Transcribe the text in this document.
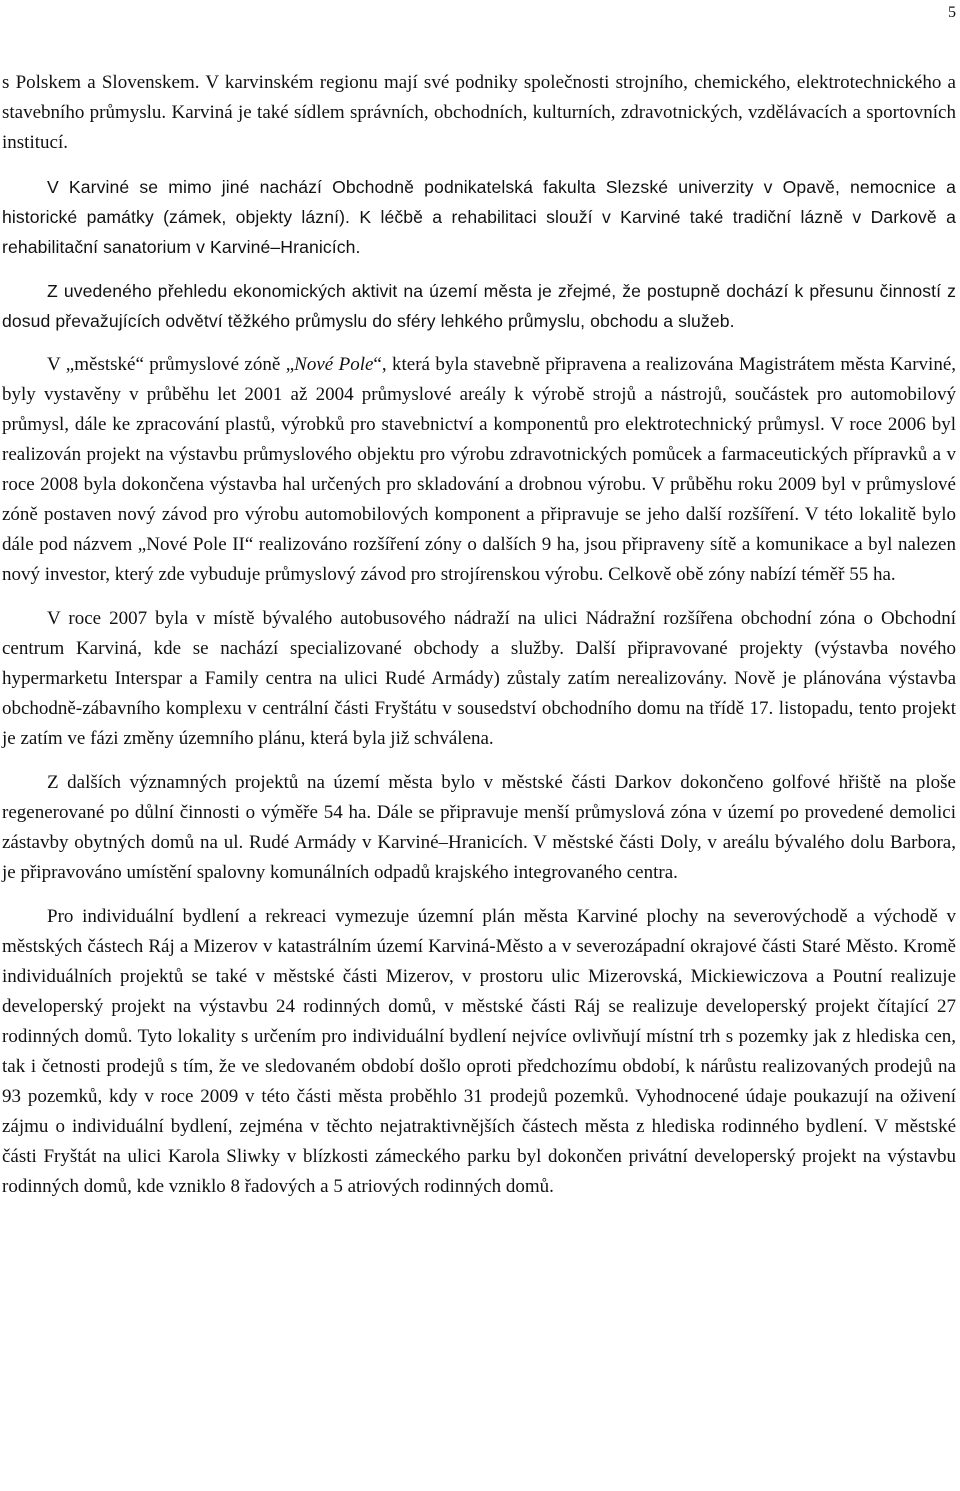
5

s Polskem a Slovenskem. V karvinském regionu mají své podniky společnosti strojního, chemického, elektrotechnického a stavebního průmyslu. Karviná je také sídlem správních, obchodních, kulturních, zdravotnických, vzdělávacích a sportovních institucí.

V Karviné se mimo jiné nachází Obchodně podnikatelská fakulta Slezské univerzity v Opavě, nemocnice a historické památky (zámek, objekty lázní). K léčbě a rehabilitaci slouží v Karviné také tradiční lázně v Darkově a rehabilitační sanatorium v Karviné–Hranicích.

Z uvedeného přehledu ekonomických aktivit na území města je zřejmé, že postupně dochází k přesunu činností z dosud převažujících odvětví těžkého průmyslu do sféry lehkého průmyslu, obchodu a služeb.

V „městské“ průmyslové zóně „Nové Pole“, která byla stavebně připravena a realizována Magistrátem města Karviné, byly vystavěny v průběhu let 2001 až 2004 průmyslové areály k výrobě strojů a nástrojů, součástek pro automobilový průmysl, dále ke zpracování plastů, výrobků pro stavebnictví a komponentů pro elektrotechnický průmysl. V roce 2006 byl realizován projekt na výstavbu průmyslového objektu pro výrobu zdravotnických pomůcek a farmaceutických přípravků a v roce 2008 byla dokončena výstavba hal určených pro skladování a drobnou výrobu. V průběhu roku 2009 byl v průmyslové zóně postaven nový závod pro výrobu automobilových komponent a připravuje se jeho další rozšíření. V této lokalitě bylo dále pod názvem „Nové Pole II“ realizováno rozšíření zóny o dalších 9 ha, jsou připraveny sítě a komunikace a byl nalezen nový investor, který zde vybuduje průmyslový závod pro strojírenskou výrobu. Celkově obě zóny nabízí téměř 55 ha.

V roce 2007 byla v místě bývalého autobusového nádraží na ulici Nádražní rozšířena obchodní zóna o Obchodní centrum Karviná, kde se nachází specializované obchody a služby. Další připravované projekty (výstavba nového hypermarketu Interspar a Family centra na ulici Rudé Armády) zůstaly zatím nerealizovány. Nově je plánována výstavba obchodně-zábavního komplexu v centrální části Fryštátu v sousedství obchodního domu na třídě 17. listopadu, tento projekt je zatím ve fázi změny územního plánu, která byla již schválena.

Z dalších významných projektů na území města bylo v městské části Darkov dokončeno golfové hřiště na ploše regenerované po důlní činnosti o výměře 54 ha. Dále se připravuje menší průmyslová zóna v území po provedené demolici zástavby obytných domů na ul. Rudé Armády v Karviné–Hranicích. V městské části Doly, v areálu bývalého dolu Barbora, je připravováno umístění spalovny komunálních odpadů krajského integrovaného centra.

Pro individuální bydlení a rekreaci vymezuje územní plán města Karviné plochy na severovýchodě a východě v městských částech Ráj a Mizerov v katastrálním území Karviná-Město a v severozápadní okrajové části Staré Město. Kromě individuálních projektů se také v městské části Mizerov, v prostoru ulic Mizerovská, Mickiewiczova a Poutní realizuje developerský projekt na výstavbu 24 rodinných domů, v městské části Ráj se realizuje developerský projekt čítající 27 rodinných domů. Tyto lokality s určením pro individuální bydlení nejvíce ovlivňují místní trh s pozemky jak z hlediska cen, tak i četnosti prodejů s tím, že ve sledovaném období došlo oproti předchozímu období, k nárůstu realizovaných prodejů na 93 pozemků, kdy v roce 2009 v této části města proběhlo 31 prodejů pozemků. Vyhodnocené údaje poukazují na oživení zájmu o individuální bydlení, zejména v těchto nejatraktivnějších částech města z hlediska rodinného bydlení. V městské části Fryštát na ulici Karola Sliwky v blízkosti zámeckého parku byl dokončen privátní developerský projekt na výstavbu rodinných domů, kde vzniklo 8 řadových a 5 atriových rodinných domů.
